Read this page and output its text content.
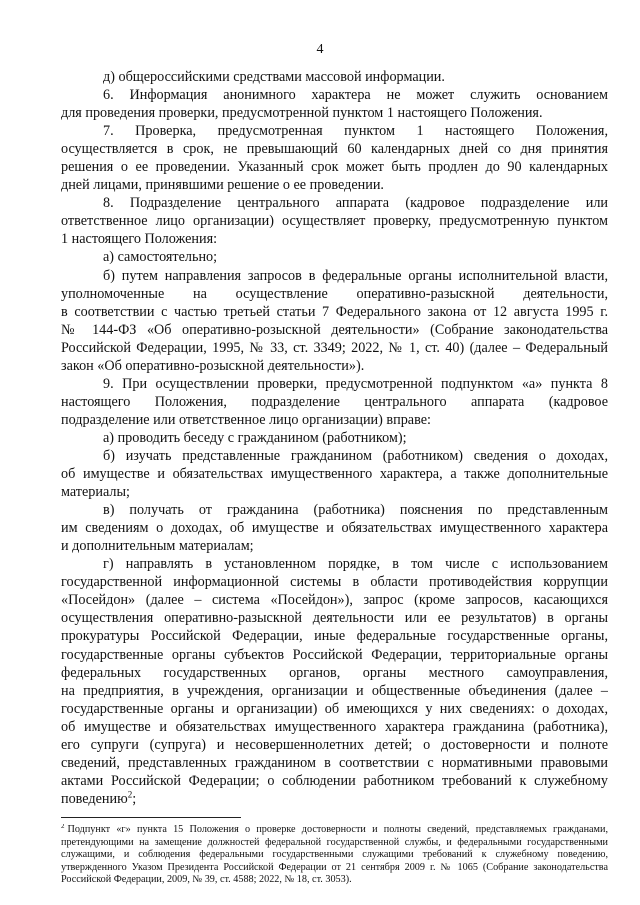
4
д) общероссийскими средствами массовой информации.
6. Информация анонимного характера не может служить основанием
для проведения проверки, предусмотренной пунктом 1 настоящего Положения.
7. Проверка, предусмотренная пунктом 1 настоящего Положения,
осуществляется в срок, не превышающий 60 календарных дней со дня принятия
решения о ее проведении. Указанный срок может быть продлен до 90 календарных
дней лицами, принявшими решение о ее проведении.
8. Подразделение центрального аппарата (кадровое подразделение или
ответственное лицо организации) осуществляет проверку, предусмотренную пунктом
1 настоящего Положения:
а) самостоятельно;
б) путем направления запросов в федеральные органы исполнительной власти,
уполномоченные на осуществление оперативно-разыскной деятельности,
в соответствии с частью третьей статьи 7 Федерального закона от 12 августа 1995 г.
№ 144-ФЗ «Об оперативно-розыскной деятельности» (Собрание законодательства
Российской Федерации, 1995, № 33, ст. 3349; 2022, № 1, ст. 40) (далее – Федеральный
закон «Об оперативно-розыскной деятельности»).
9. При осуществлении проверки, предусмотренной подпунктом «а» пункта 8
настоящего Положения, подразделение центрального аппарата (кадровое
подразделение или ответственное лицо организации) вправе:
а) проводить беседу с гражданином (работником);
б) изучать представленные гражданином (работником) сведения о доходах,
об имуществе и обязательствах имущественного характера, а также дополнительные
материалы;
в) получать от гражданина (работника) пояснения по представленным
им сведениям о доходах, об имуществе и обязательствах имущественного характера
и дополнительным материалам;
г) направлять в установленном порядке, в том числе с использованием
государственной информационной системы в области противодействия коррупции
«Посейдон» (далее – система «Посейдон»), запрос (кроме запросов, касающихся
осуществления оперативно-разыскной деятельности или ее результатов) в органы
прокуратуры Российской Федерации, иные федеральные государственные органы,
государственные органы субъектов Российской Федерации, территориальные органы
федеральных государственных органов, органы местного самоуправления,
на предприятия, в учреждения, организации и общественные объединения (далее –
государственные органы и организации) об имеющихся у них сведениях: о доходах,
об имуществе и обязательствах имущественного характера гражданина (работника),
его супруги (супруга) и несовершеннолетних детей; о достоверности и полноте
сведений, представленных гражданином в соответствии с нормативными правовыми
актами Российской Федерации; о соблюдении работником требований к служебному
поведению$^2$;
$^2$ Подпункт «г» пункта 15 Положения о проверке достоверности и полноты сведений, представляемых гражданами,
претендующими на замещение должностей федеральной государственной службы, и федеральными государственными
служащими, и соблюдения федеральными государственными служащими требований к служебному поведению,
утвержденного Указом Президента Российской Федерации от 21 сентября 2009 г. № 1065 (Собрание законодательства
Российской Федерации, 2009, № 39, ст. 4588; 2022, № 18, ст. 3053).
